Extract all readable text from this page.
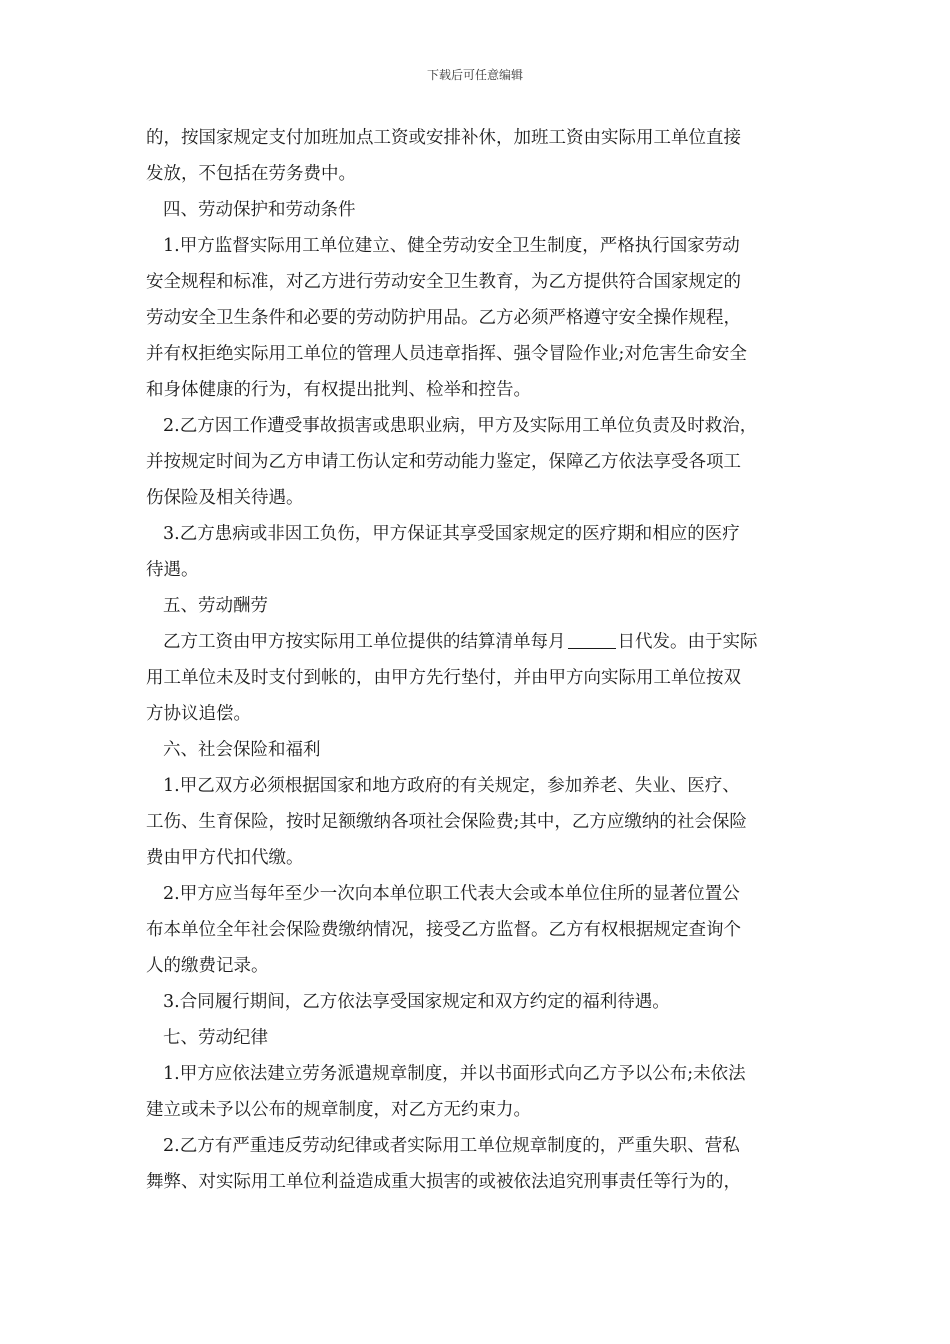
下载后可任意编辑
的，按国家规定支付加班加点工资或安排补休，加班工资由实际用工单位直接
发放，不包括在劳务费中。
四、劳动保护和劳动条件
1.甲方监督实际用工单位建立、健全劳动安全卫生制度，严格执行国家劳动
安全规程和标准，对乙方进行劳动安全卫生教育，为乙方提供符合国家规定的
劳动安全卫生条件和必要的劳动防护用品。乙方必须严格遵守安全操作规程，
并有权拒绝实际用工单位的管理人员违章指挥、强令冒险作业;对危害生命安全
和身体健康的行为，有权提出批判、检举和控告。
2.乙方因工作遭受事故损害或患职业病，甲方及实际用工单位负责及时救治，
并按规定时间为乙方申请工伤认定和劳动能力鉴定，保障乙方依法享受各项工
伤保险及相关待遇。
3.乙方患病或非因工负伤，甲方保证其享受国家规定的医疗期和相应的医疗
待遇。
五、劳动酬劳
乙方工资由甲方按实际用工单位提供的结算清单每月	日代发。由于实际
用工单位未及时支付到帐的，由甲方先行垫付，并由甲方向实际用工单位按双
方协议追偿。
六、社会保险和福利
1.甲乙双方必须根据国家和地方政府的有关规定，参加养老、失业、医疗、
工伤、生育保险，按时足额缴纳各项社会保险费;其中，乙方应缴纳的社会保险
费由甲方代扣代缴。
2.甲方应当每年至少一次向本单位职工代表大会或本单位住所的显著位置公
布本单位全年社会保险费缴纳情况，接受乙方监督。乙方有权根据规定查询个
人的缴费记录。
3.合同履行期间，乙方依法享受国家规定和双方约定的福利待遇。
七、劳动纪律
1.甲方应依法建立劳务派遣规章制度，并以书面形式向乙方予以公布;未依法
建立或未予以公布的规章制度，对乙方无约束力。
2.乙方有严重违反劳动纪律或者实际用工单位规章制度的，严重失职、营私
舞弊、对实际用工单位利益造成重大损害的或被依法追究刑事责任等行为的，
